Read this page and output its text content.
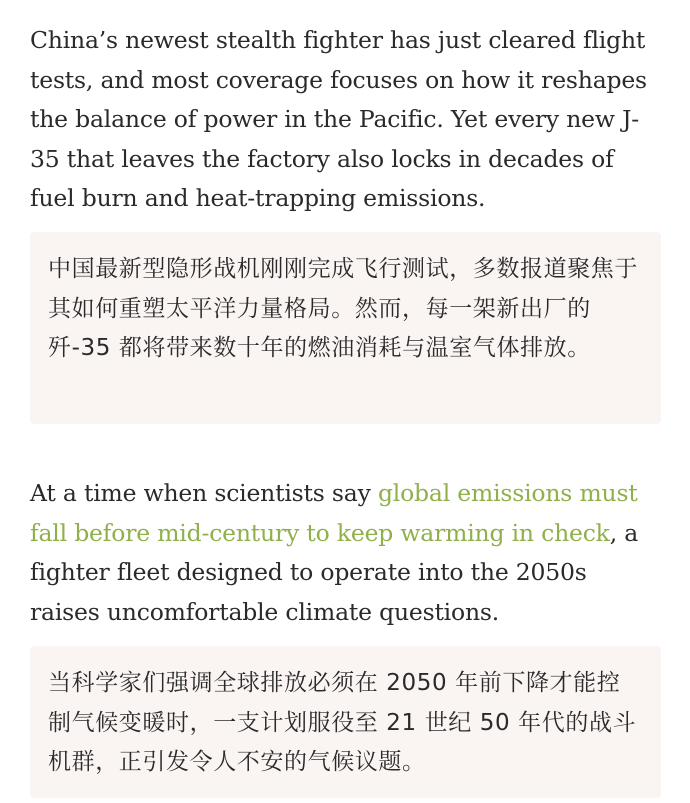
China’s newest stealth fighter has just cleared flight tests, and most coverage focuses on how it reshapes the balance of power in the Pacific. Yet every new J-35 that leaves the factory also locks in decades of fuel burn and heat-trapping emissions.

中国最新型隐形战机刚刚完成飞行测试，多数报道聚焦于其如何重塑太平洋力量格局。然而，每一架新出厂的歼-35 都将带来数十年的燃油消耗与温室气体排放。

At a time when scientists say global emissions must fall before mid-century to keep warming in check, a fighter fleet designed to operate into the 2050s raises uncomfortable climate questions.

当科学家们强调全球排放必须在 2050 年前下降才能控制气候变暖时，一支计划服役至 21 世纪 50 年代的战斗机群，正引发令人不安的气候议题。
